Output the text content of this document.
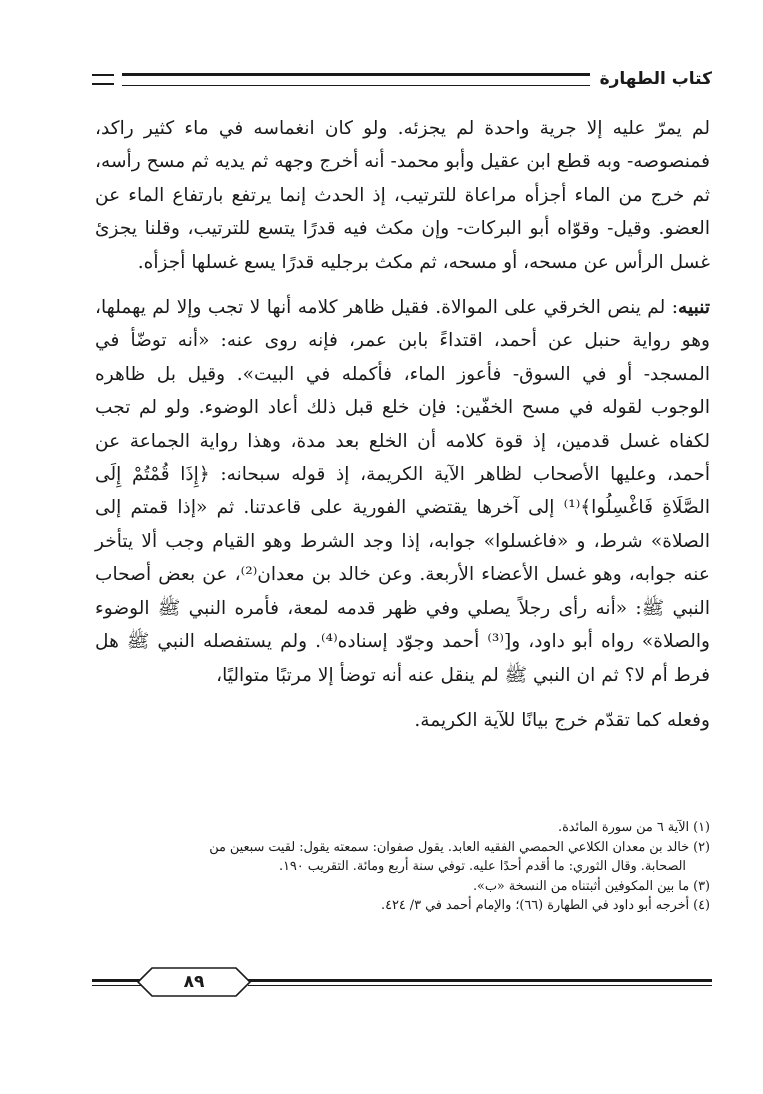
كتاب الطهارة

لم يمرّ عليه إلا جرية واحدة لم يجزئه. ولو كان انغماسه في ماء كثير راكد، فمنصوصه- وبه قطع ابن عقيل وأبو محمد- أنه أخرج وجهه ثم يديه ثم مسح رأسه، ثم خرج من الماء أجزأه مراعاة للترتيب، إذ الحدث إنما يرتفع بارتفاع الماء عن العضو. وقيل- وقوّاه أبو البركات- وإن مكث فيه قدرًا يتسع للترتيب، وقلنا يجزئ غسل الرأس عن مسحه، أو مسحه، ثم مكث برجليه قدرًا يسع غسلها أجزأه.

تنبيه: لم ينص الخرقي على الموالاة. فقيل ظاهر كلامه أنها لا تجب وإلا لم يهملها، وهو رواية حنبل عن أحمد، اقتداءً بابن عمر، فإنه روى عنه: «أنه توضّأ في المسجد- أو في السوق- فأعوز الماء، فأكمله في البيت». وقيل بل ظاهره الوجوب لقوله في مسح الخفّين: فإن خلع قبل ذلك أعاد الوضوء. ولو لم تجب لكفاه غسل قدمين، إذ قوة كلامه أن الخلع بعد مدة، وهذا رواية الجماعة عن أحمد، وعليها الأصحاب لظاهر الآية الكريمة، إذ قوله سبحانه: ﴿إِذَا قُمْتُمْ إِلَى الصَّلَاةِ فَاغْسِلُوا﴾⁽¹⁾ إلى آخرها يقتضي الفورية على قاعدتنا. ثم «إذا قمتم إلى الصلاة» شرط، و «فاغسلوا» جوابه، إذا وجد الشرط وهو القيام وجب ألا يتأخر عنه جوابه، وهو غسل الأعضاء الأربعة. وعن خالد بن معدان⁽²⁾، عن بعض أصحاب النبي ﷺ: «أنه رأى رجلاً يصلي وفي ظهر قدمه لمعة، فأمره النبي ﷺ الوضوء والصلاة» رواه أبو داود، و[⁽³⁾ أحمد وجوّد إسناده⁽⁴⁾. ولم يستفصله النبي ﷺ هل فرط أم لا؟ ثم ان النبي ﷺ لم ينقل عنه أنه توضأ إلا مرتبًا متواليًا،

وفعله كما تقدّم خرج بيانًا للآية الكريمة.

(١) الآية ٦ من سورة المائدة.
(٢) خالد بن معدان الكلاعي الحمصي الفقيه العابد. يقول صفوان: سمعته يقول: لقيت سبعين من
الصحابة. وقال الثوري: ما أقدم أحدًا عليه. توفي سنة أربع ومائة. التقريب ١٩٠.
(٣) ما بين المكوفين أثبتناه من النسخة «ب».
(٤) أخرجه أبو داود في الطهارة (٦٦)؛ والإمام أحمد في ٣/ ٤٢٤.
٨٩
